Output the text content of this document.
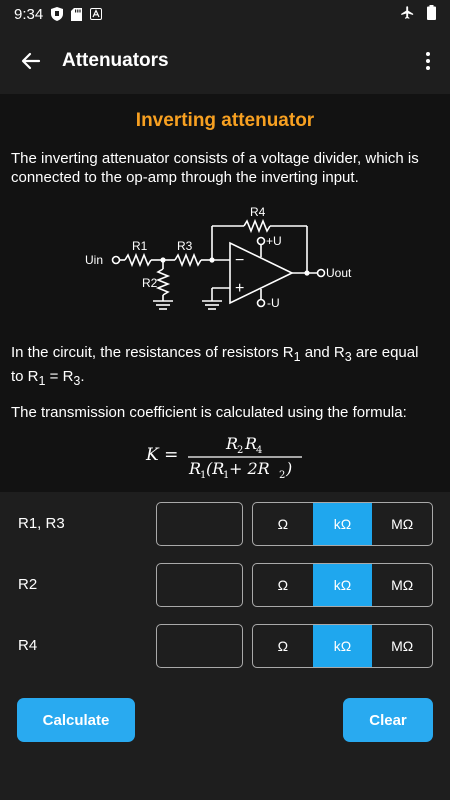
9:34
Attenuators
Inverting attenuator
The inverting attenuator consists of a voltage divider, which is connected to the op-amp through the inverting input.
Uin
R1 R3
R4
R2
+U
-U
Uout
−
+
In the circuit, the resistances of resistors $R_1$ and $R_3$ are equal
to $R_1 = R_3$.
The transmission coefficient is calculated using the formula:
K =
R
2 R
4
R
1 (R
1 + 2R 2 )
R1, R3	Ω	kΩ	MΩ
R2	Ω	kΩ	MΩ
R4	Ω	kΩ	MΩ
Calculate	Clear
